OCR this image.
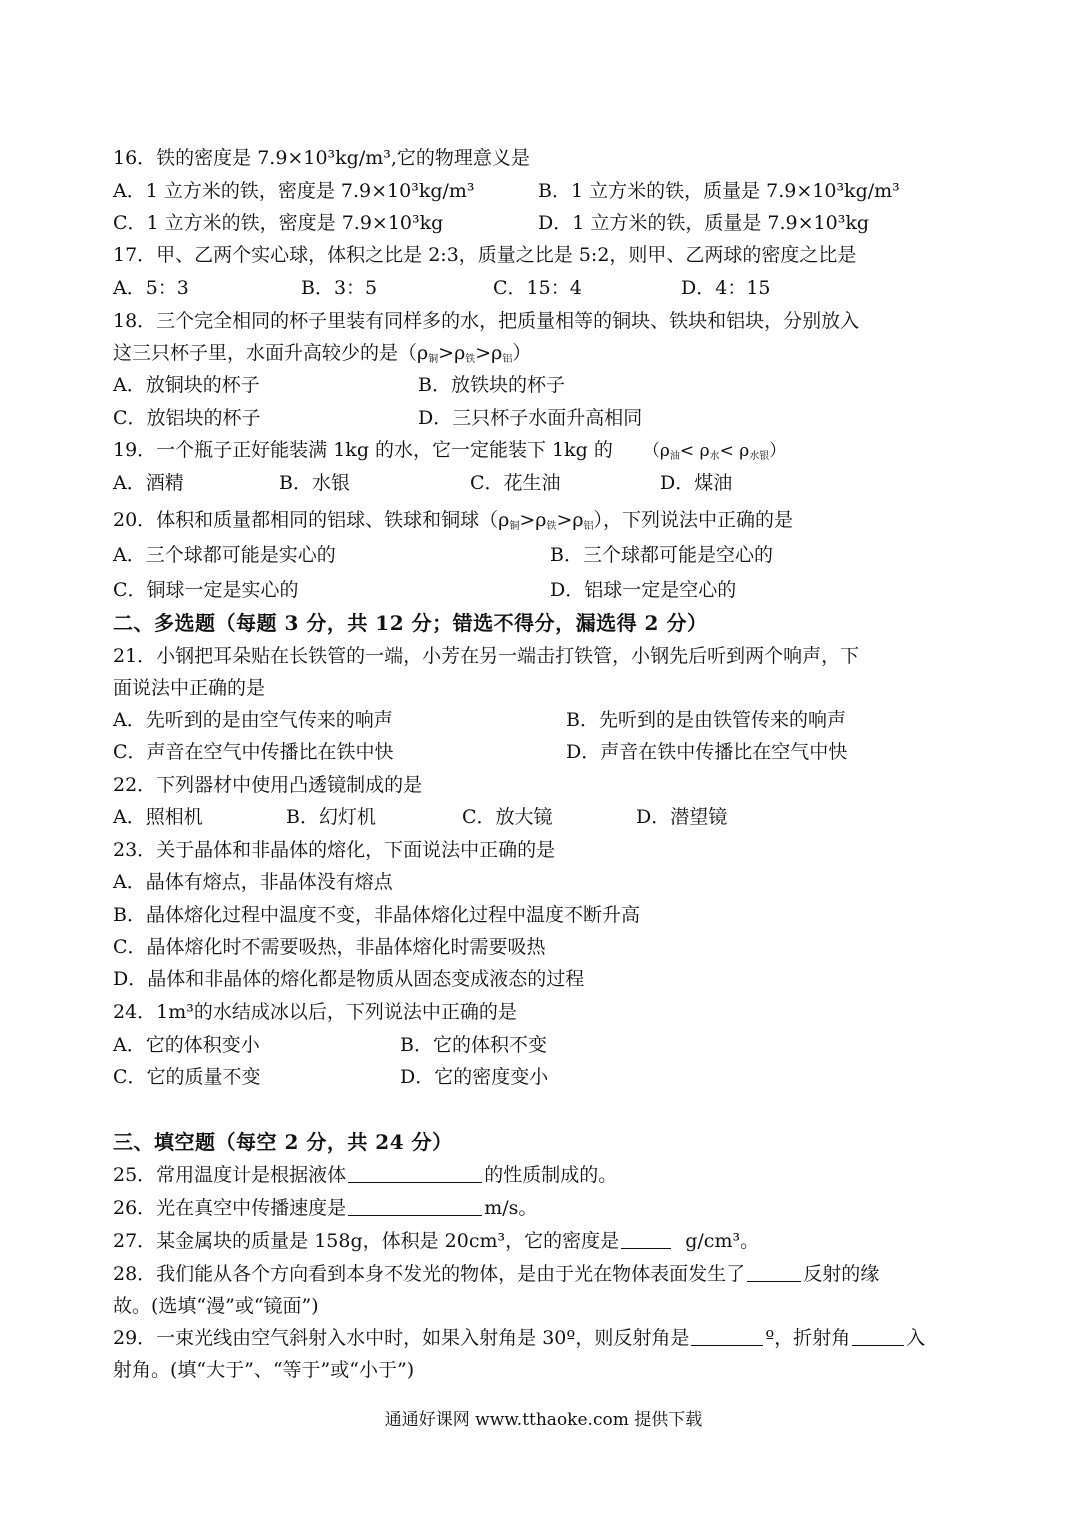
16．铁的密度是 7.9×10³kg/m³,它的物理意义是
A．1 立方米的铁，密度是 7.9×10³kg/m³	B．1 立方米的铁，质量是 7.9×10³kg/m³
C．1 立方米的铁，密度是 7.9×10³kg	D．1 立方米的铁，质量是 7.9×10³kg
17．甲、乙两个实心球，体积之比是 2:3，质量之比是 5:2，则甲、乙两球的密度之比是
A．5：3	B．3：5	C．15：4	D．4：15
18．三个完全相同的杯子里装有同样多的水，把质量相等的铜块、铁块和铝块，分别放入
这三只杯子里，水面升高较少的是$(\rho_铜>\rho_铁>\rho_铝)$
A．放铜块的杯子	B．放铁块的杯子
C．放铝块的杯子	D．三只杯子水面升高相同
19．一个瓶子正好能装满 1kg 的水，它一定能装下 1kg 的 $(\rho_油< \rho_水< \rho_{水银})$
A．酒精	B．水银	C．花生油	D．煤油
20．体积和质量都相同的铝球、铁球和铜球$(\rho_铜>\rho_铁>\rho_铝)$，下列说法中正确的是
A．三个球都可能是实心的	B．三个球都可能是空心的
C．铜球一定是实心的	D．铝球一定是空心的
二、多选题（每题 3 分，共 12 分；错选不得分，漏选得 2 分）
21．小钢把耳朵贴在长铁管的一端，小芳在另一端击打铁管，小钢先后听到两个响声，下
面说法中正确的是
A．先听到的是由空气传来的响声	B．先听到的是由铁管传来的响声
C．声音在空气中传播比在铁中快	D．声音在铁中传播比在空气中快
22．下列器材中使用凸透镜制成的是
A．照相机	B．幻灯机	C．放大镜	D．潜望镜
23．关于晶体和非晶体的熔化，下面说法中正确的是
A．晶体有熔点，非晶体没有熔点
B．晶体熔化过程中温度不变，非晶体熔化过程中温度不断升高
C．晶体熔化时不需要吸热，非晶体熔化时需要吸热
D．晶体和非晶体的熔化都是物质从固态变成液态的过程
24．1m³的水结成冰以后，下列说法中正确的是
A．它的体积变小	B．它的体积不变
C．它的质量不变	D．它的密度变小
三、填空题（每空 2 分，共 24 分）
25．常用温度计是根据液体	的性质制成的。
26．光在真空中传播速度是	m/s。
27．某金属块的质量是 158g，体积是 20cm³，它的密度是	g/cm³。
28．我们能从各个方向看到本身不发光的物体，是由于光在物体表面发生了	反射的缘
故。(选填“漫”或“镜面”)
29．一束光线由空气斜射入水中时，如果入射角是 30º，则反射角是	º，折射角	入
射角。(填“大于”、“等于”或“小于”)
通通好课网 www.tthaoke.com 提供下载
